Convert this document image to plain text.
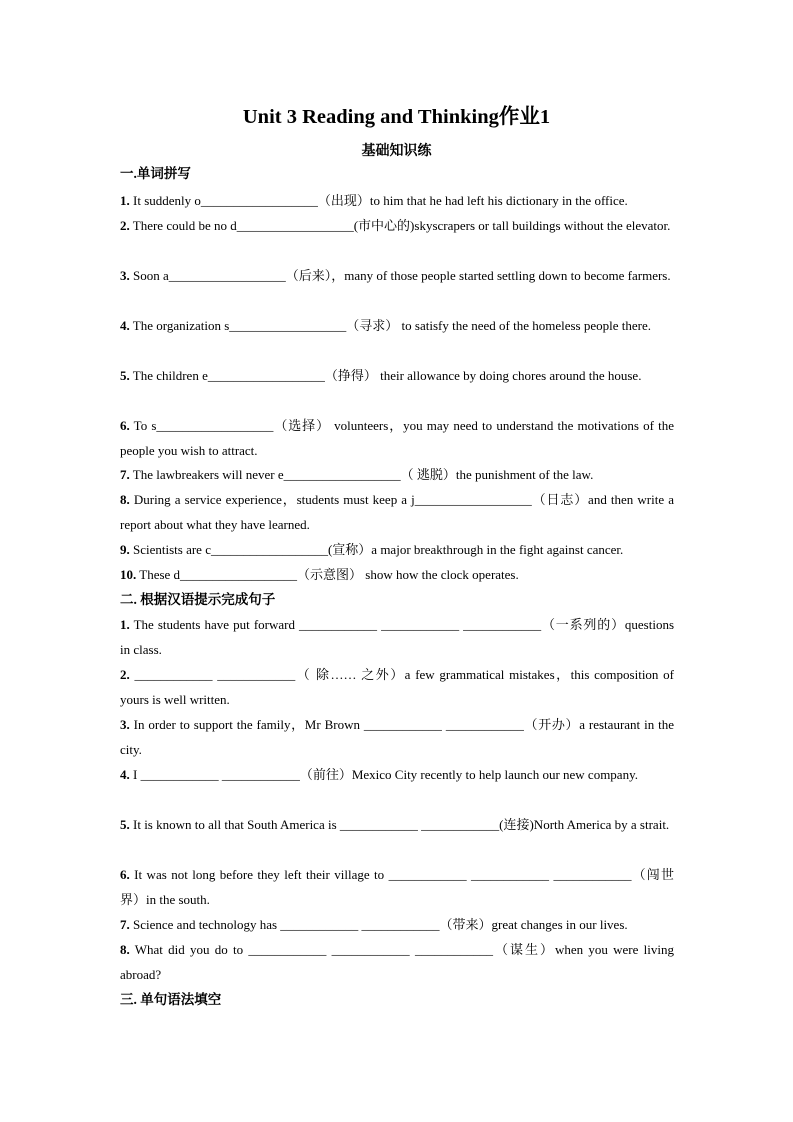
Unit 3 Reading and Thinking作业1
基础知识练

一.单词拼写

1. It suddenly o__________________（出现）to him that he had left his dictionary in the office.

2. There could be no d__________________(市中心的)skyscrapers or tall buildings without the elevator.

3. Soon a__________________（后来），many of those people started settling down to become farmers.

4. The organization s__________________（寻求） to satisfy the need of the homeless people there.

5. The children e__________________（挣得） their allowance by doing chores around the house.

6. To s__________________（选择） volunteers，you may need to understand the motivations of the people you wish to attract.

7. The lawbreakers will never e__________________（ 逃脱）the punishment of the law.

8. During a service experience，students must keep a j__________________（日志）and then write a report about what they have learned.

9. Scientists are c__________________(宣称）a major breakthrough in the fight against cancer.

10. These d__________________（示意图） show how the clock operates.

二. 根据汉语提示完成句子

1. The students have put forward ____________ ____________ ____________（一系列的）questions in class.

2. ____________ ____________（ 除…… 之外）a few grammatical mistakes，this composition of yours is well written.

3. In order to support the family，Mr Brown ____________ ____________（开办）a restaurant in the city.

4. I ____________ ____________（前往）Mexico City recently to help launch our new company.

5. It is known to all that South America is ____________ ____________(连接)North America by a strait.

6. It was not long before they left their village to ____________ ____________ ____________（闯世界）in the south.

7. Science and technology has ____________ ____________（带来）great changes in our lives.

8. What did you do to ____________ ____________ ____________（谋生）when you were living abroad?

三. 单句语法填空
